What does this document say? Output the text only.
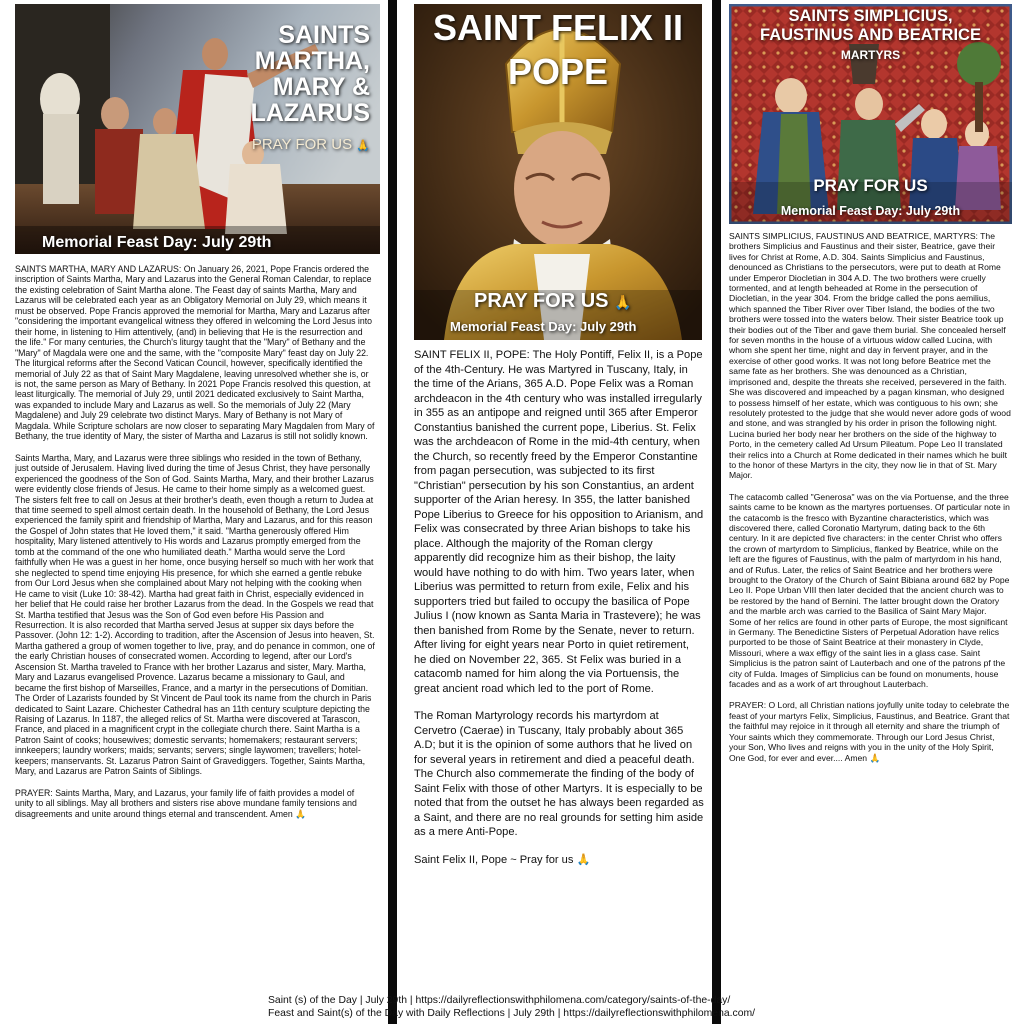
SAINTS
MARTHA,
MARY &
LAZARUS
PRAY FOR US 🙏
Memorial Feast Day: July 29th

SAINTS MARTHA, MARY AND LAZARUS: On January 26, 2021, Pope Francis ordered the inscription of Saints Martha, Mary and Lazarus into the General Roman Calendar, to replace the existing celebration of Saint Martha alone. The Feast day of saints Martha, Mary and Lazarus will be celebrated each year as an Obligatory Memorial on July 29, which means it must be observed. Pope Francis approved the memorial for Martha, Mary and Lazarus after "considering the important evangelical witness they offered in welcoming the Lord Jesus into their home, in listening to Him attentively, (and) in believing that He is the resurrection and the life." For many centuries, the Church's liturgy taught that the "Mary" of Bethany and the "Mary" of Magdala were one and the same, with the "composite Mary" feast day on July 22. The liturgical reforms after the Second Vatican Council, however, specifically identified the memorial of July 22 as that of Saint Mary Magdalene, leaving unresolved whether she is, or is not, the same person as Mary of Bethany. In 2021 Pope Francis resolved this question, at least liturgically. The memorial of July 29, until 2021 dedicated exclusively to Saint Martha, was expanded to include Mary and Lazarus as well. So the memorials of July 22 (Mary Magdalene) and July 29 celebrate two distinct Marys. Mary of Bethany is not Mary of Magdala. While Scripture scholars are now closer to separating Mary Magdalen from Mary of Bethany, the true identity of Mary, the sister of Martha and Lazarus is still not solidly known.

Saints Martha, Mary, and Lazarus were three siblings who resided in the town of Bethany, just outside of Jerusalem. Having lived during the time of Jesus Christ, they have personally experienced the goodness of the Son of God. Saints Martha, Mary, and their brother Lazarus were evidently close friends of Jesus. He came to their home simply as a welcomed guest. The sisters felt free to call on Jesus at their brother's death, even though a return to Judea at that time seemed to spell almost certain death. In the household of Bethany, the Lord Jesus experienced the family spirit and friendship of Martha, Mary and Lazarus, and for this reason the Gospel of John states that He loved them," it said. "Martha generously offered Him hospitality, Mary listened attentively to His words and Lazarus promptly emerged from the tomb at the command of the one who humiliated death." Martha would serve the Lord faithfully when He was a guest in her home, once busying herself so much with her work that she neglected to spend time enjoying His presence, for which she earned a gentle rebuke from Our Lord Jesus when she complained about Mary not helping with the cooking when He came to visit (Luke 10: 38-42). Martha had great faith in Christ, especially evidenced in her belief that He could raise her brother Lazarus from the dead. In the Gospels we read that St. Martha testified that Jesus was the Son of God even before His Passion and Resurrection. It is also recorded that Martha served Jesus at supper six days before the Passover. (John 12: 1-2). According to tradition, after the Ascension of Jesus into heaven, St. Martha gathered a group of women together to live, pray, and do penance in common, one of the early Christian houses of consecrated women. According to legend, after our Lord's Ascension St. Martha traveled to France with her brother Lazarus and sister, Mary. Martha, Mary and Lazarus evangelised Provence. Lazarus became a missionary to Gaul, and became the first bishop of Marseilles, France, and a martyr in the persecutions of Domitian. The Order of Lazarists founded by St Vincent de Paul took its name from the church in Paris dedicated to Saint Lazare. Chichester Cathedral has an 11th century sculpture depicting the Raising of Lazarus. In 1187, the alleged relics of St. Martha were discovered at Tarascon, France, and placed in a magnificent crypt in the collegiate church there. Saint Martha is a Patron Saint of cooks; housewives; domestic servants; homemakers; restaurant servers; innkeepers; laundry workers; maids; servants; servers; single laywomen; travellers; hotel-keepers; manservants. St. Lazarus Patron Saint of Gravediggers. Together, Saints Martha, Mary, and Lazarus are Patron Saints of Siblings.

PRAYER: Saints Martha, Mary, and Lazarus, your family life of faith provides a model of unity to all siblings. May all brothers and sisters rise above mundane family tensions and disagreements and unite around things eternal and transcendent. Amen 🙏

SAINT FELIX II
POPE
PRAY FOR US 🙏
Memorial Feast Day: July 29th

SAINT FELIX II, POPE: The Holy Pontiff, Felix II, is a Pope of the 4th-Century. He was Martyred in Tuscany, Italy, in the time of the Arians, 365 A.D. Pope Felix was a Roman archdeacon in the 4th century who was installed irregularly in 355 as an antipope and reigned until 365 after Emperor Constantius banished the current pope, Liberius. St. Felix was the archdeacon of Rome in the mid-4th century, when the Church, so recently freed by the Emperor Constantine from pagan persecution, was subjected to its first "Christian" persecution by his son Constantius, an ardent supporter of the Arian heresy. In 355, the latter banished Pope Liberius to Greece for his opposition to Arianism, and Felix was consecrated by three Arian bishops to take his place. Although the majority of the Roman clergy apparently did recognize him as their bishop, the laity would have nothing to do with him. Two years later, when Liberius was permitted to return from exile, Felix and his supporters tried but failed to occupy the basilica of Pope Julius I (now known as Santa Maria in Trastevere); he was then banished from Rome by the Senate, never to return. After living for eight years near Porto in quiet retirement, he died on November 22, 365. St Felix was buried in a catacomb named for him along the via Portuensis, the great ancient road which led to the port of Rome.

The Roman Martyrology records his martyrdom at Cervetro (Caerae) in Tuscany, Italy probably about 365 A.D; but it is the opinion of some authors that he lived on for several years in retirement and died a peaceful death. The Church also commemerate the finding of the body of Saint Felix with those of other Martyrs. It is especially to be noted that from the outset he has always been regarded as a Saint, and there are no real grounds for setting him aside as a mere Anti-Pope.

Saint Felix II, Pope ~ Pray for us 🙏

SAINTS SIMPLICIUS,
FAUSTINUS AND BEATRICE
MARTYRS
PRAY FOR US
Memorial Feast Day: July 29th

SAINTS SIMPLICIUS, FAUSTINUS AND BEATRICE, MARTYRS: The brothers Simplicius and Faustinus and their sister, Beatrice, gave their lives for Christ at Rome, A.D. 304. Saints Simplicius and Faustinus, denounced as Christians to the persecutors, were put to death at Rome under Emperor Diocletian in 304 A.D. The two brothers were cruelly tormented, and at length beheaded at Rome in the persecution of Diocletian, in the year 304. From the bridge called the pons aemilius, which spanned the Tiber River over Tiber Island, the bodies of the two brothers were tossed into the waters below. Their sister Beatrice took up their bodies out of the Tiber and gave them burial. She concealed herself for seven months in the house of a virtuous widow called Lucina, with whom she spent her time, night and day in fervent prayer, and in the exercise of other good works. It was not long before Beatrice met the same fate as her brothers. She was denounced as a Christian, imprisoned and, despite the threats she received, persevered in the faith. She was discovered and impeached by a pagan kinsman, who designed to possess himself of her estate, which was contiguous to his own; she resolutely protested to the judge that she would never adore gods of wood and stone, and was strangled by his order in prison the following night. Lucina buried her body near her brothers on the side of the highway to Porto, in the cemetery called Ad Ursum Pileatum. Pope Leo II translated their relics into a Church at Rome dedicated in their names which he built to the honor of these Martyrs in the city, they now lie in that of St. Mary Major.

The catacomb called "Generosa" was on the via Portuense, and the three saints came to be known as the martyres portuenses. Of particular note in the catacomb is the fresco with Byzantine characteristics, which was discovered there, called Coronatio Martyrum, dating back to the 6th century. In it are depicted five characters: in the center Christ who offers the crown of martyrdom to Simplicius, flanked by Beatrice, while on the left are the figures of Faustinus, with the palm of martyrdom in his hand, and of Rufus. Later, the relics of Saint Beatrice and her brothers were brought to the Oratory of the Church of Saint Bibiana around 682 by Pope Leo II. Pope Urban VIII then later decided that the ancient church was to be restored by the hand of Bernini. The latter brought down the Oratory and the marble arch was carried to the Basilica of Saint Mary Major. Some of her relics are found in other parts of Europe, the most significant in Germany. The Benedictine Sisters of Perpetual Adoration have relics purported to be those of Saint Beatrice at their monastery in Clyde, Missouri, where a wax effigy of the saint lies in a glass case. Saint Simplicius is the patron saint of Lauterbach and one of the patrons pf the city of Fulda. Images of Simplicius can be found on monuments, house facades and as a work of art throughout Lauterbach.

PRAYER: O Lord, all Christian nations joyfully unite today to celebrate the feast of your martyrs Felix, Simplicius, Faustinus, and Beatrice. Grant that the faithful may rejoice in it through all eternity and share the triumph of Your saints which they commemorate. Through our Lord Jesus Christ, your Son, Who lives and reigns with you in the unity of the Holy Spirit, One God, for ever and ever.... Amen 🙏

Saint (s) of the Day | July 29th | https://dailyreflectionswithphilomena.com/category/saints-of-the-day/
Feast and Saint(s) of the Day with Daily Reflections | July 29th | https://dailyreflectionswithphilomena.com/
